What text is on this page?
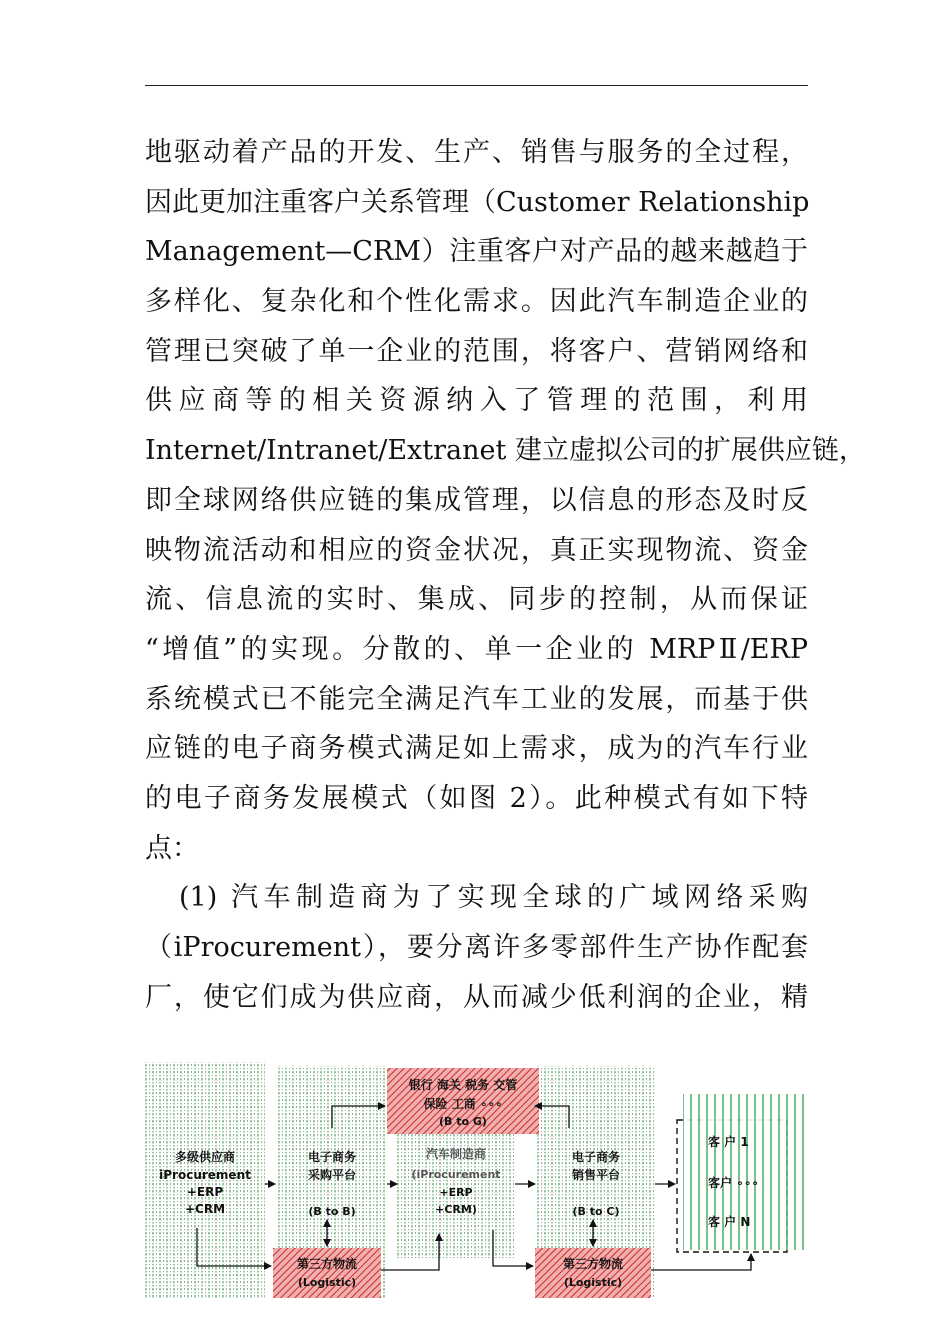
地驱动着产品的开发、生产、销售与服务的全过程，
因此更加注重客户关系管理（Customer Relationship
Management—CRM）注重客户对产品的越来越趋于
多样化、复杂化和个性化需求。因此汽车制造企业的
管理已突破了单一企业的范围，将客户、营销网络和
供应商等的相关资源纳入了管理的范围，利用
Internet/Intranet/Extranet 建立虚拟公司的扩展供应链，
即全球网络供应链的集成管理，以信息的形态及时反
映物流活动和相应的资金状况，真正实现物流、资金
流、信息流的实时、集成、同步的控制，从而保证
“增值”的实现。分散的、单一企业的 MRPⅡ/ERP
系统模式已不能完全满足汽车工业的发展，而基于供
应链的电子商务模式满足如上需求，成为的汽车行业
的电子商务发展模式（如图 2）。此种模式有如下特
点：
(1) 汽车制造商为了实现全球的广域网络采购
（iProcurement），要分离许多零部件生产协作配套
厂，使它们成为供应商，从而减少低利润的企业，精
多级供应商
iProcurement
+ERP
+CRM
电子商务
采购平台
(B to B)
汽车制造商
(iProcurement
+ERP
+CRM)
电子商务
销售平台
(B to C)
银行 海关 税务 交管
保险 工商 ∘∘∘
(B to G)
第三方物流
(Logistic)
第三方物流
(Logistic)
客 户 1
客户 ∘∘∘
客 户 N
